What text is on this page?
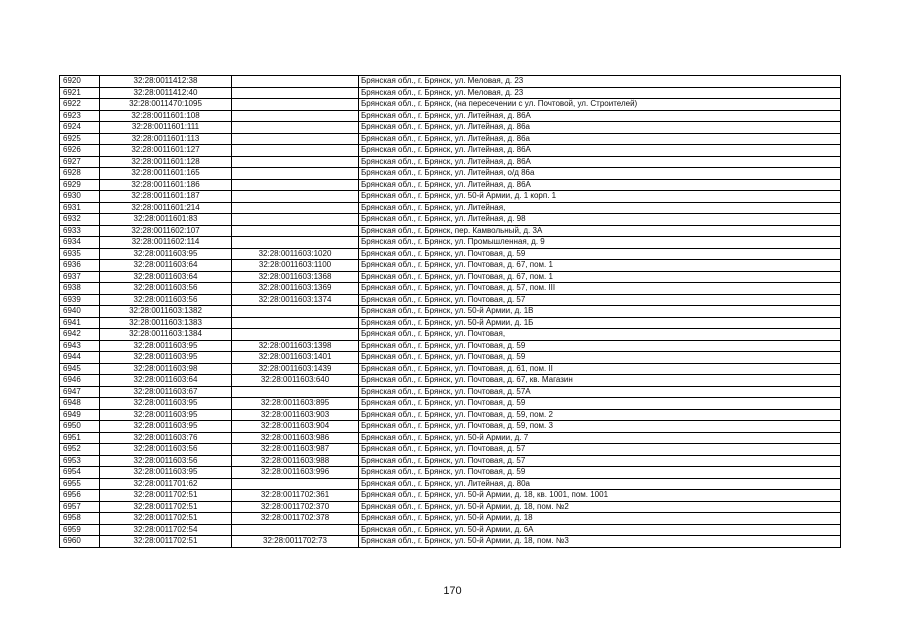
6920	32:28:0011412:38		Брянская обл., г. Брянск, ул. Меловая, д. 23
6921	32:28:0011412:40		Брянская обл., г. Брянск, ул. Меловая, д. 23
6922	32:28:0011470:1095		Брянская обл., г. Брянск, (на пересечении с ул. Почтовой, ул. Строителей)
6923	32:28:0011601:108		Брянская обл., г. Брянск, ул. Литейная, д. 86А
6924	32:28:0011601:111		Брянская обл., г. Брянск, ул. Литейная, д. 86а
6925	32:28:0011601:113		Брянская обл., г. Брянск, ул. Литейная, д. 86а
6926	32:28:0011601:127		Брянская обл., г. Брянск, ул. Литейная, д. 86А
6927	32:28:0011601:128		Брянская обл., г. Брянск, ул. Литейная, д. 86А
6928	32:28:0011601:165		Брянская обл., г. Брянск, ул. Литейная, о/д 86а
6929	32:28:0011601:186		Брянская обл., г. Брянск, ул. Литейная, д. 86А
6930	32:28:0011601:187		Брянская обл., г. Брянск, ул. 50-й Армии, д. 1 корп. 1
6931	32:28:0011601:214		Брянская обл., г. Брянск, ул. Литейная,
6932	32:28:0011601:83		Брянская обл., г. Брянск, ул. Литейная, д. 98
6933	32:28:0011602:107		Брянская обл., г. Брянск, пер. Камвольный, д. 3А
6934	32:28:0011602:114		Брянская обл., г. Брянск, ул. Промышленная, д. 9
6935	32:28:0011603:95	32:28:0011603:1020	Брянская обл., г. Брянск, ул. Почтовая, д. 59
6936	32:28:0011603:64	32:28:0011603:1100	Брянская обл., г. Брянск, ул. Почтовая, д. 67, пом. 1
6937	32:28:0011603:64	32:28:0011603:1368	Брянская обл., г. Брянск, ул. Почтовая, д. 67, пом. 1
6938	32:28:0011603:56	32:28:0011603:1369	Брянская обл., г. Брянск, ул. Почтовая, д. 57, пом. III
6939	32:28:0011603:56	32:28:0011603:1374	Брянская обл., г. Брянск, ул. Почтовая, д. 57
6940	32:28:0011603:1382		Брянская обл., г. Брянск, ул. 50-й Армии, д. 1В
6941	32:28:0011603:1383		Брянская обл., г. Брянск, ул. 50-й Армии, д. 1Б
6942	32:28:0011603:1384		Брянская обл., г. Брянск, ул. Почтовая,
6943	32:28:0011603:95	32:28:0011603:1398	Брянская обл., г. Брянск, ул. Почтовая, д. 59
6944	32:28:0011603:95	32:28:0011603:1401	Брянская обл., г. Брянск, ул. Почтовая, д. 59
6945	32:28:0011603:98	32:28:0011603:1439	Брянская обл., г. Брянск, ул. Почтовая, д. 61, пом. II
6946	32:28:0011603:64	32:28:0011603:640	Брянская обл., г. Брянск, ул. Почтовая, д. 67, кв. Магазин
6947	32:28:0011603:67		Брянская обл., г. Брянск, ул. Почтовая, д. 57А
6948	32:28:0011603:95	32:28:0011603:895	Брянская обл., г. Брянск, ул. Почтовая, д. 59
6949	32:28:0011603:95	32:28:0011603:903	Брянская обл., г. Брянск, ул. Почтовая, д. 59, пом. 2
6950	32:28:0011603:95	32:28:0011603:904	Брянская обл., г. Брянск, ул. Почтовая, д. 59, пом. 3
6951	32:28:0011603:76	32:28:0011603:986	Брянская обл., г. Брянск, ул. 50-й Армии, д. 7
6952	32:28:0011603:56	32:28:0011603:987	Брянская обл., г. Брянск, ул. Почтовая, д. 57
6953	32:28:0011603:56	32:28:0011603:988	Брянская обл., г. Брянск, ул. Почтовая, д. 57
6954	32:28:0011603:95	32:28:0011603:996	Брянская обл., г. Брянск, ул. Почтовая, д. 59
6955	32:28:0011701:62		Брянская обл., г. Брянск, ул. Литейная, д. 80а
6956	32:28:0011702:51	32:28:0011702:361	Брянская обл., г. Брянск, ул. 50-й Армии, д. 18, кв. 1001, пом. 1001
6957	32:28:0011702:51	32:28:0011702:370	Брянская обл., г. Брянск, ул. 50-й Армии, д. 18, пом. №2
6958	32:28:0011702:51	32:28:0011702:378	Брянская обл., г. Брянск, ул. 50-й Армии, д. 18
6959	32:28:0011702:54		Брянская обл., г. Брянск, ул. 50-й Армии, д. 6А
6960	32:28:0011702:51	32:28:0011702:73	Брянская обл., г. Брянск, ул. 50-й Армии, д. 18, пом. №3
170
